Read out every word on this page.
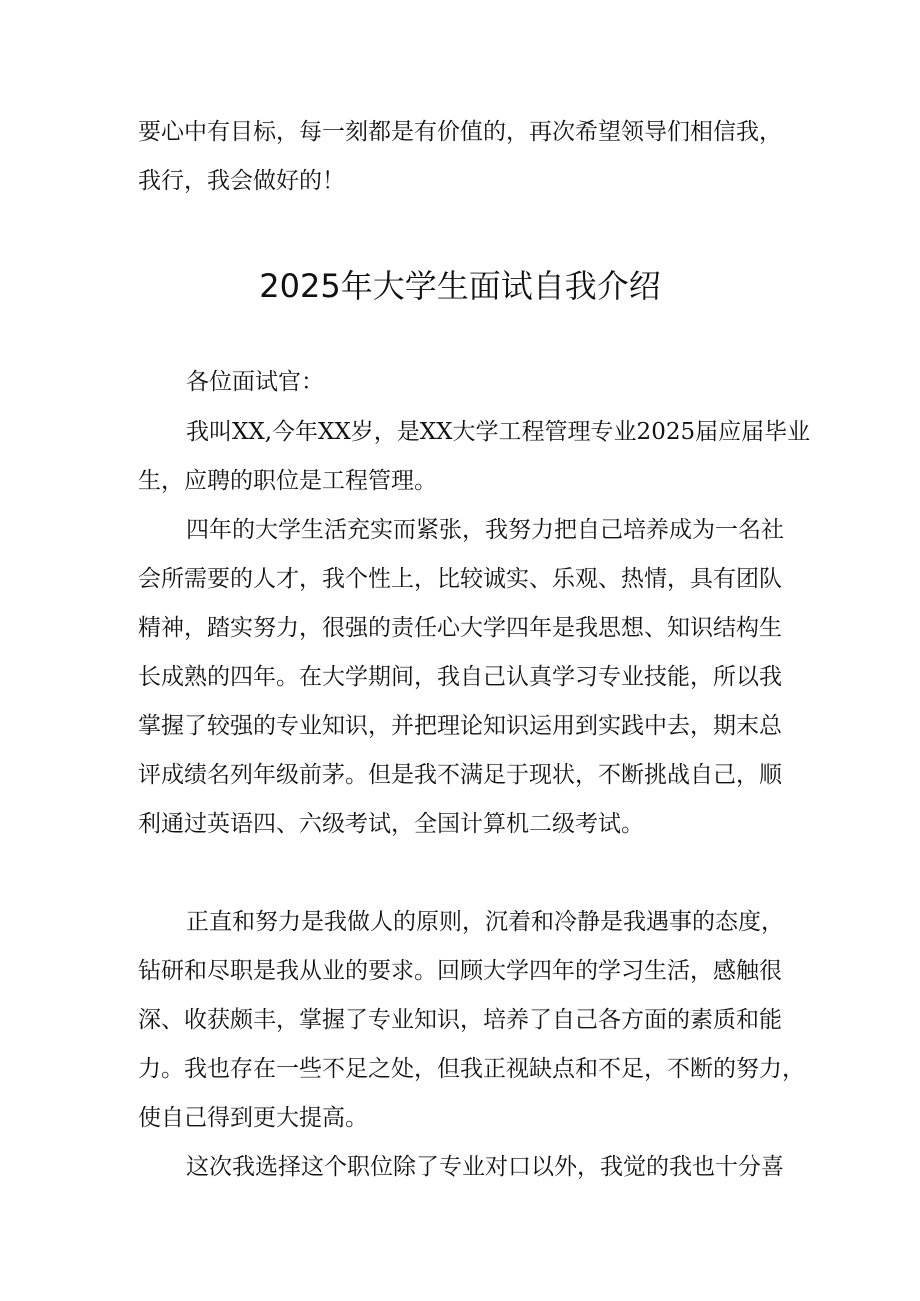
要心中有目标，每一刻都是有价值的，再次希望领导们相信我，
我行，我会做好的！
2025年大学生面试自我介绍
各位面试官：
我叫XX,今年XX岁，是XX大学工程管理专业2025届应届毕业
生，应聘的职位是工程管理。
四年的大学生活充实而紧张，我努力把自己培养成为一名社
会所需要的人才，我个性上，比较诚实、乐观、热情，具有团队
精神，踏实努力，很强的责任心大学四年是我思想、知识结构生
长成熟的四年。在大学期间，我自己认真学习专业技能，所以我
掌握了较强的专业知识，并把理论知识运用到实践中去，期末总
评成绩名列年级前茅。但是我不满足于现状，不断挑战自己，顺
利通过英语四、六级考试，全国计算机二级考试。
正直和努力是我做人的原则，沉着和冷静是我遇事的态度，
钻研和尽职是我从业的要求。回顾大学四年的学习生活，感触很
深、收获颇丰，掌握了专业知识，培养了自己各方面的素质和能
力。我也存在一些不足之处，但我正视缺点和不足，不断的努力，
使自己得到更大提高。
这次我选择这个职位除了专业对口以外，我觉的我也十分喜
